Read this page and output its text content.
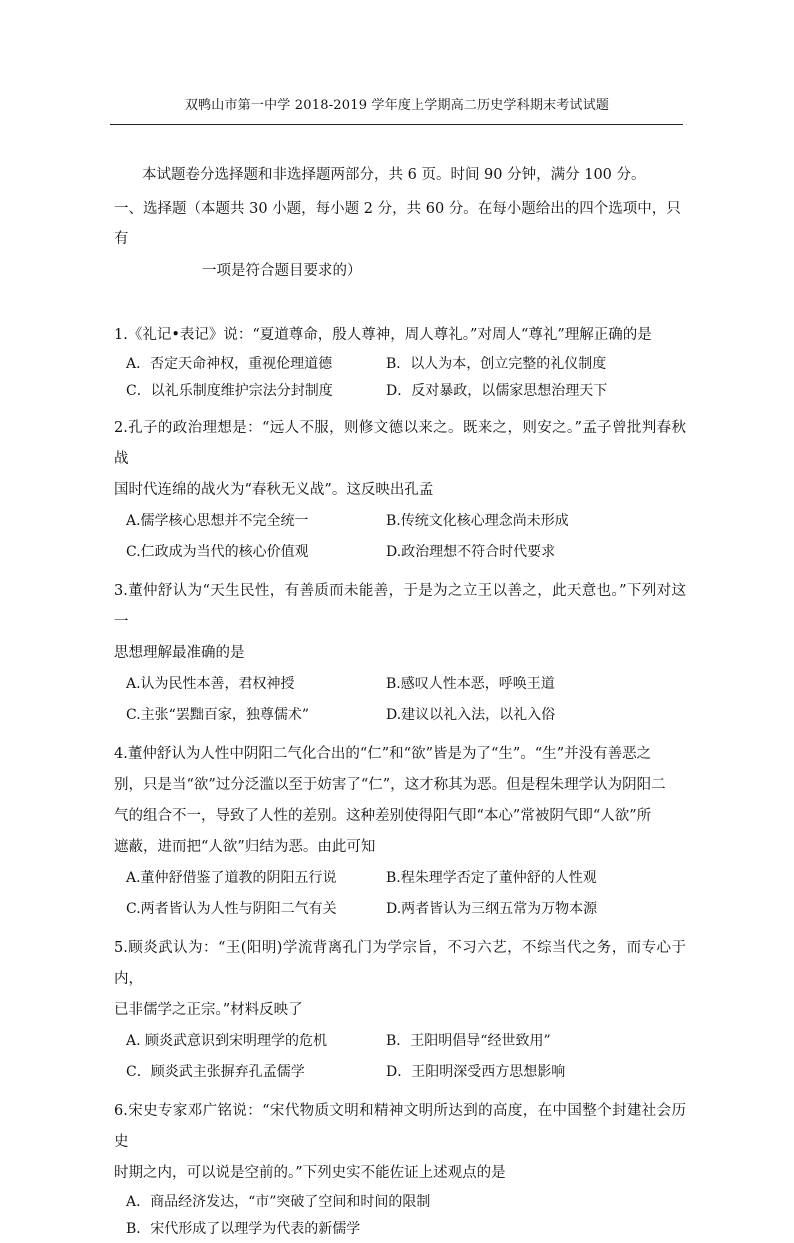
双鸭山市第一中学 2018-2019 学年度上学期高二历史学科期末考试试题

本试题卷分选择题和非选择题两部分，共 6 页。时间 90 分钟，满分 100 分。

一、选择题（本题共 30 小题，每小题 2 分，共 60 分。在每小题给出的四个选项中，只有

一项是符合题目要求的）

1.《礼记•表记》说：“夏道尊命，殷人尊神，周人尊礼。”对周人“尊礼”理解正确的是

A．否定天命神权，重视伦理道德	B．以人为本，创立完整的礼仪制度
C．以礼乐制度维护宗法分封制度	D．反对暴政，以儒家思想治理天下

2.孔子的政治理想是：“远人不服，则修文德以来之。既来之，则安之。”孟子曾批判春秋战
国时代连绵的战火为“春秋无义战”。这反映出孔孟

A.儒学核心思想并不完全统一	B.传统文化核心理念尚未形成
C.仁政成为当代的核心价值观	D.政治理想不符合时代要求

3.董仲舒认为“天生民性，有善质而未能善，于是为之立王以善之，此天意也。”下列对这一
思想理解最准确的是

A.认为民性本善，君权神授	B.感叹人性本恶，呼唤王道
C.主张“罢黜百家，独尊儒术”	D.建议以礼入法，以礼入俗

4.董仲舒认为人性中阴阳二气化合出的“仁”和“欲”皆是为了“生”。“生”并没有善恶之
别，只是当“欲”过分泛滥以至于妨害了“仁”，这才称其为恶。但是程朱理学认为阴阳二
气的组合不一，导致了人性的差别。这种差别使得阳气即“本心”常被阴气即“人欲”所
遮蔽，进而把“人欲”归结为恶。由此可知

A.董仲舒借鉴了道教的阴阳五行说	B.程朱理学否定了董仲舒的人性观
C.两者皆认为人性与阴阳二气有关	D.两者皆认为三纲五常为万物本源

5.顾炎武认为：“王(阳明)学流背离孔门为学宗旨，不习六艺，不综当代之务，而专心于内，
已非儒学之正宗。”材料反映了

A. 顾炎武意识到宋明理学的危机	B．王阳明倡导“经世致用”
C．顾炎武主张摒弃孔孟儒学	D．王阳明深受西方思想影响

6.宋史专家邓广铭说：“宋代物质文明和精神文明所达到的高度，在中国整个封建社会历史
时期之内，可以说是空前的。”下列史实不能佐证上述观点的是

A．商品经济发达，“市”突破了空间和时间的限制
B．宋代形成了以理学为代表的新儒学
